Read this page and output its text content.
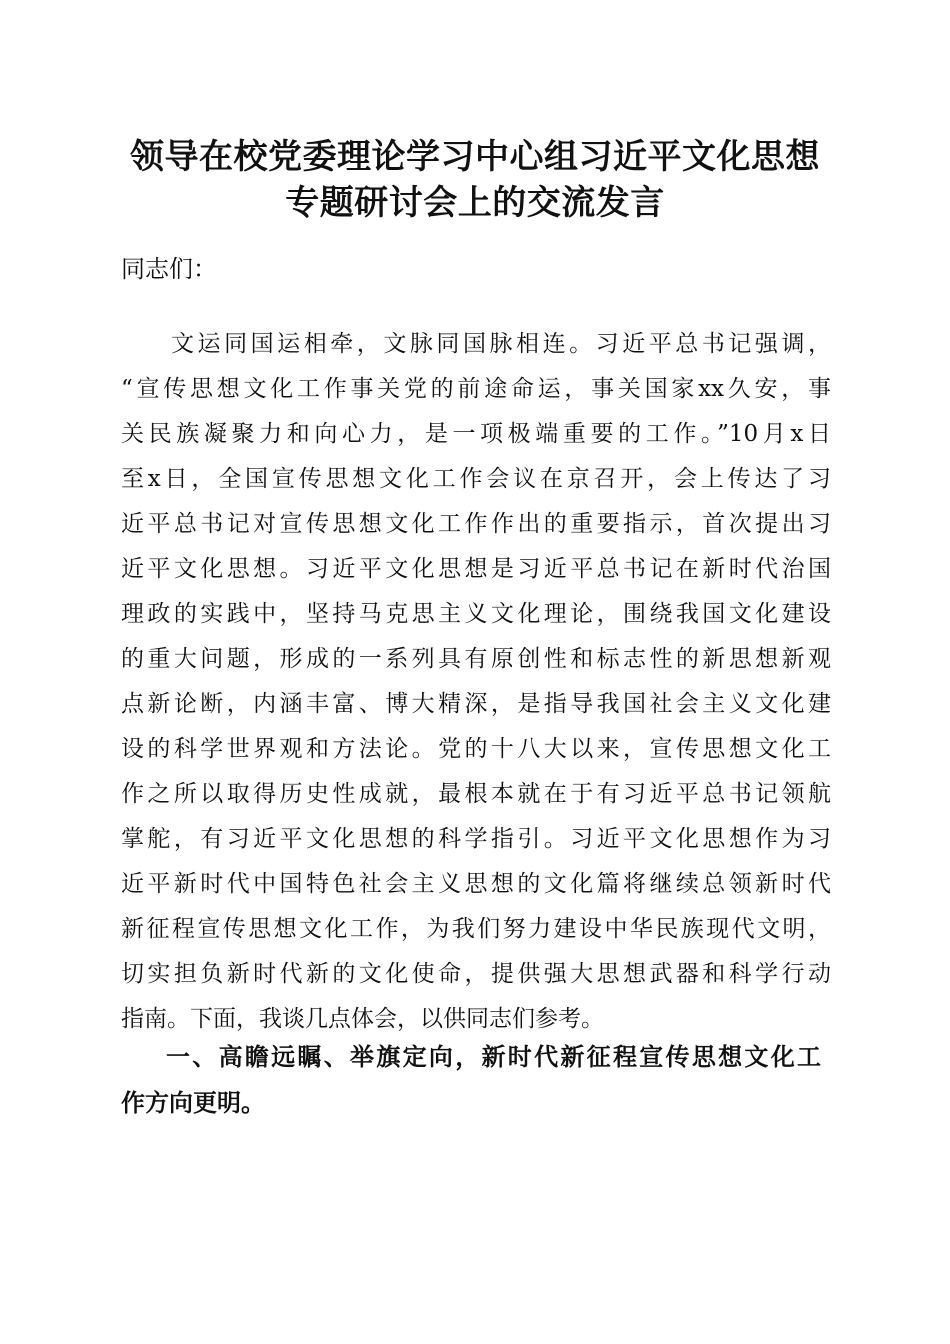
领导在校党委理论学习中心组习近平文化思想
专题研讨会上的交流发言

同志们：

文运同国运相牵，文脉同国脉相连。习近平总书记强调，
“宣传思想文化工作事关党的前途命运，事关国家xx久安，事
关民族凝聚力和向心力，是一项极端重要的工作。”10月x日
至x日，全国宣传思想文化工作会议在京召开，会上传达了习
近平总书记对宣传思想文化工作作出的重要指示，首次提出习
近平文化思想。习近平文化思想是习近平总书记在新时代治国
理政的实践中，坚持马克思主义文化理论，围绕我国文化建设
的重大问题，形成的一系列具有原创性和标志性的新思想新观
点新论断，内涵丰富、博大精深，是指导我国社会主义文化建
设的科学世界观和方法论。党的十八大以来，宣传思想文化工
作之所以取得历史性成就，最根本就在于有习近平总书记领航
掌舵，有习近平文化思想的科学指引。习近平文化思想作为习
近平新时代中国特色社会主义思想的文化篇将继续总领新时代
新征程宣传思想文化工作，为我们努力建设中华民族现代文明，
切实担负新时代新的文化使命，提供强大思想武器和科学行动
指南。下面，我谈几点体会，以供同志们参考。
一、高瞻远瞩、举旗定向，新时代新征程宣传思想文化工
作方向更明。
